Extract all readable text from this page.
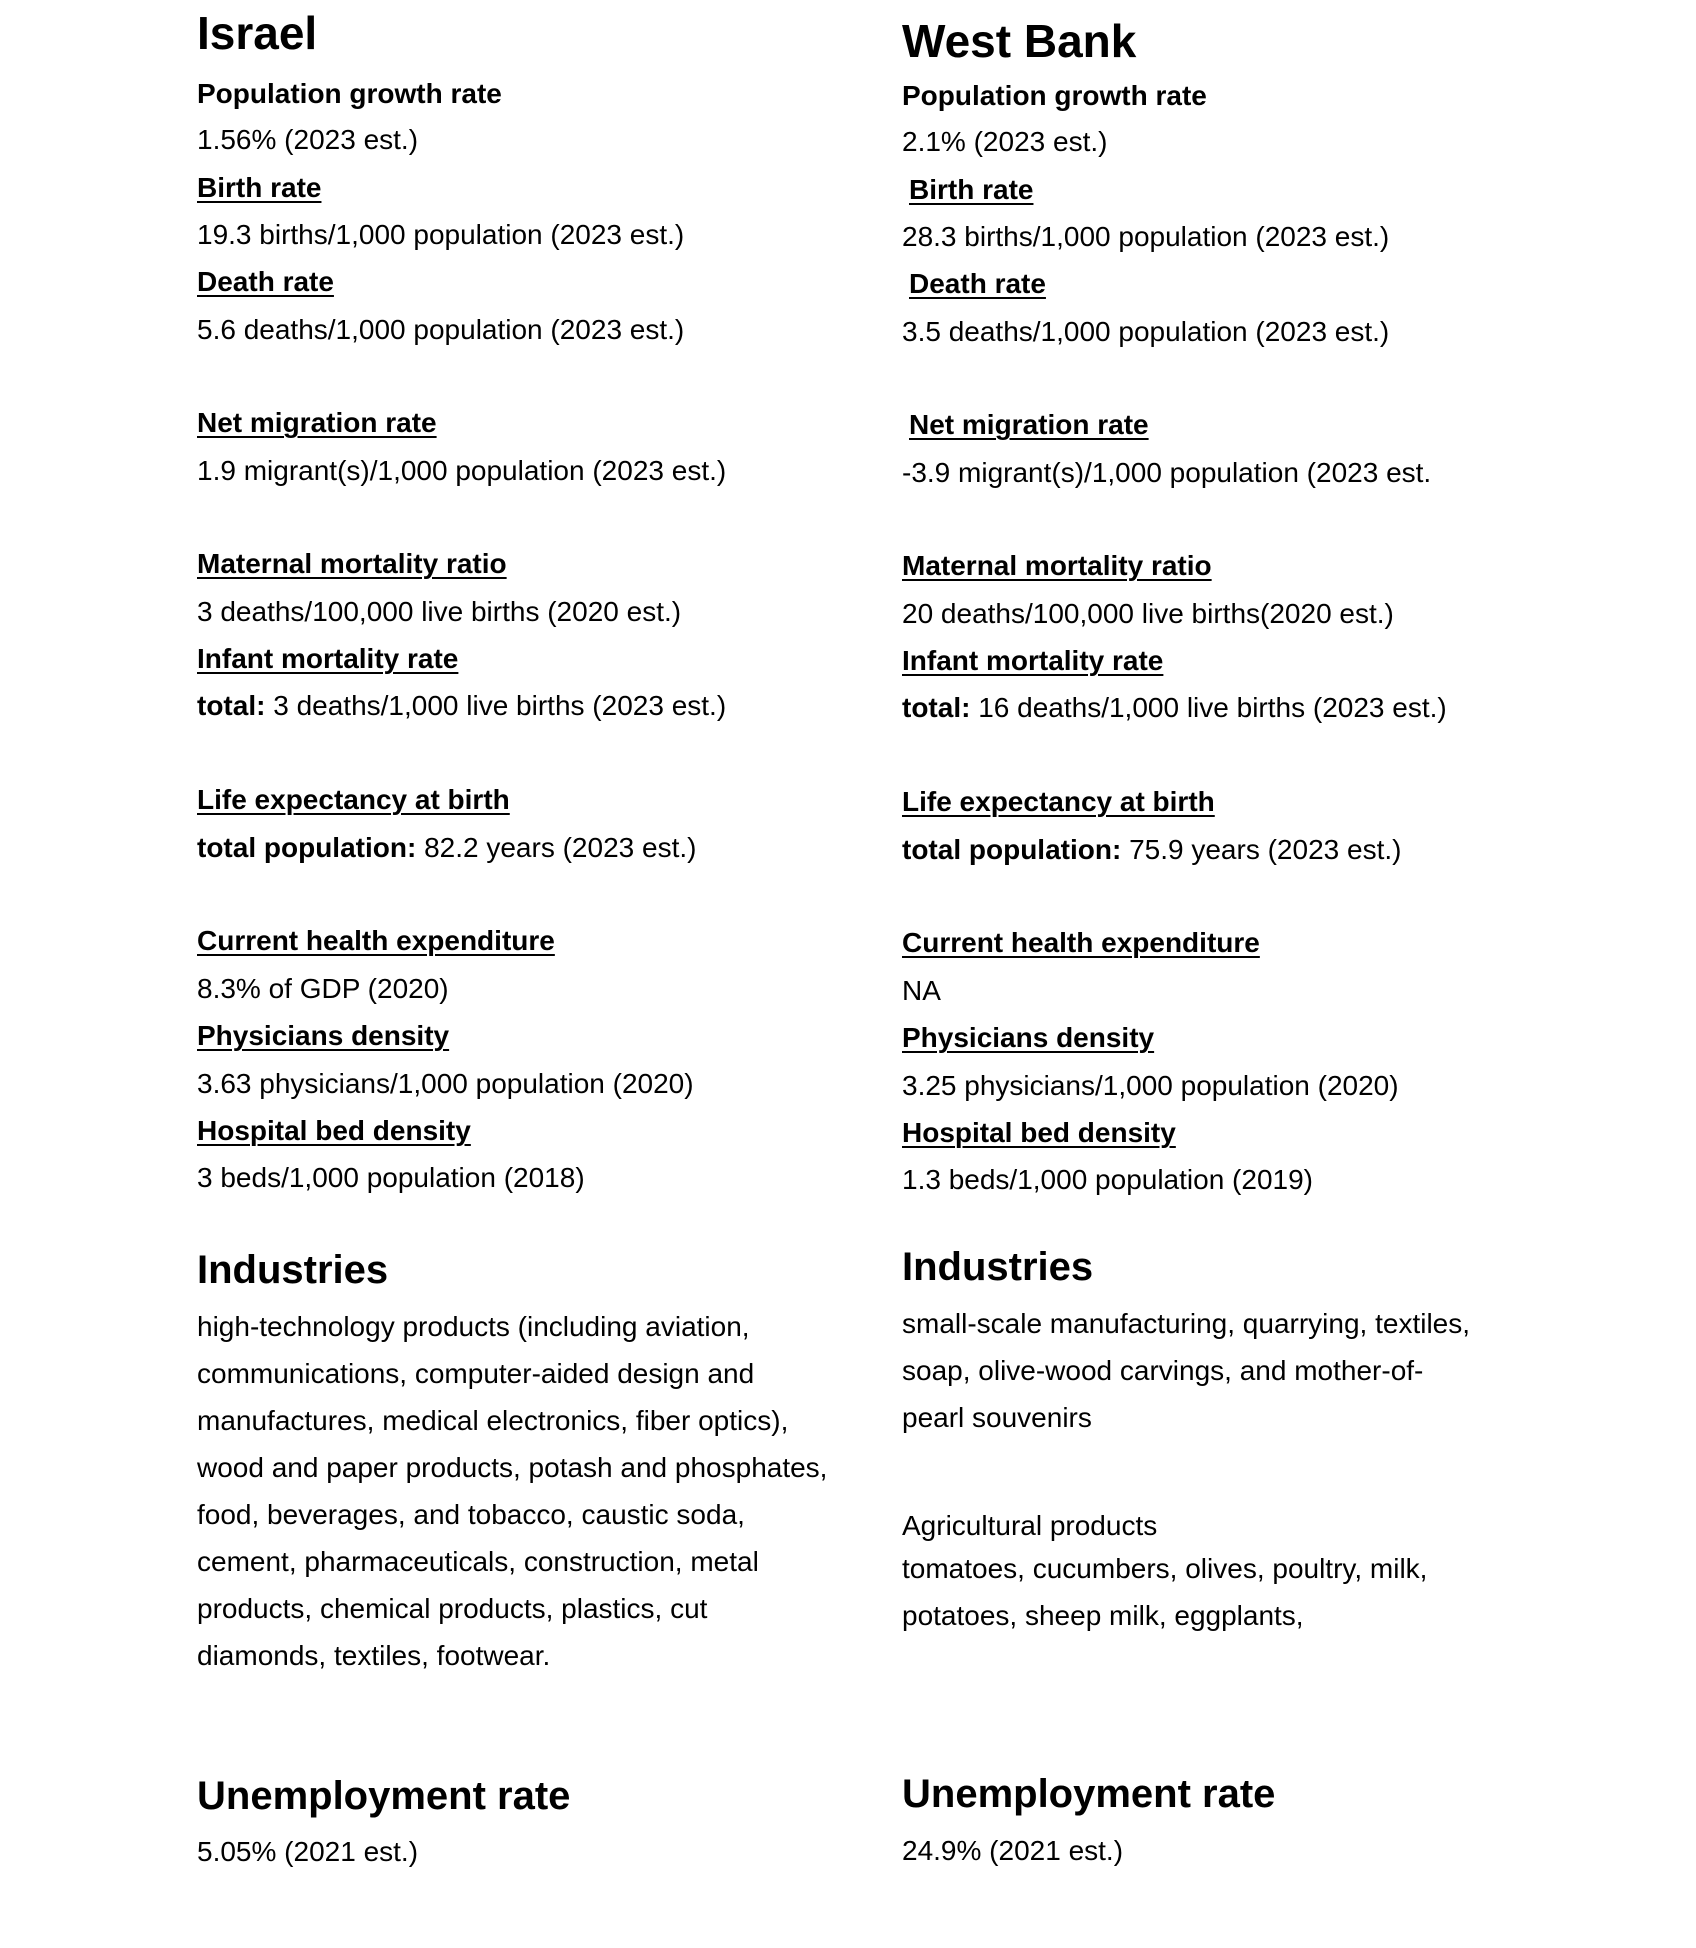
Israel
Population growth rate
1.56% (2023 est.)
Birth rate
19.3 births/1,000 population (2023 est.)
Death rate
5.6 deaths/1,000 population (2023 est.)
Net migration rate
1.9 migrant(s)/1,000 population (2023 est.)
Maternal mortality ratio
3 deaths/100,000 live births (2020 est.)
Infant mortality rate
total: 3 deaths/1,000 live births (2023 est.)
Life expectancy at birth
total population: 82.2 years (2023 est.)
Current health expenditure
8.3% of GDP (2020)
Physicians density
3.63 physicians/1,000 population (2020)
Hospital bed density
3 beds/1,000 population (2018)
Industries
high-technology products (including aviation, communications, computer-aided design and manufactures, medical electronics, fiber optics), wood and paper products, potash and phosphates, food, beverages, and tobacco, caustic soda, cement, pharmaceuticals, construction, metal products, chemical products, plastics, cut diamonds, textiles, footwear.
Unemployment rate
5.05% (2021 est.)
West Bank
Population growth rate
2.1% (2023 est.)
Birth rate
28.3 births/1,000 population (2023 est.)
Death rate
3.5 deaths/1,000 population (2023 est.)
Net migration rate
-3.9 migrant(s)/1,000 population (2023 est.
Maternal mortality ratio
20 deaths/100,000 live births(2020 est.)
Infant mortality rate
total: 16 deaths/1,000 live births (2023 est.)
Life expectancy at birth
total population: 75.9 years (2023 est.)
Current health expenditure
NA
Physicians density
3.25 physicians/1,000 population (2020)
Hospital bed density
1.3 beds/1,000 population (2019)
Industries
small-scale manufacturing, quarrying, textiles, soap, olive-wood carvings, and mother-of-pearl souvenirs
Agricultural products
tomatoes, cucumbers, olives, poultry, milk, potatoes, sheep milk, eggplants,
Unemployment rate
24.9% (2021 est.)
